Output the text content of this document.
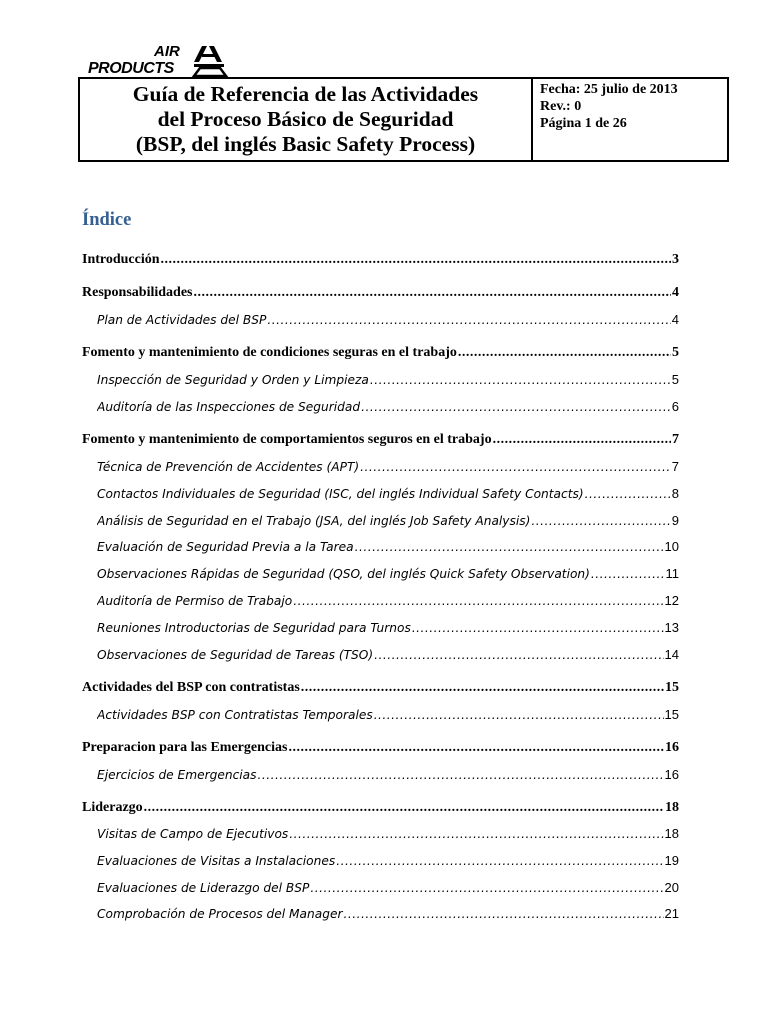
AIR
PRODUCTS
Guía de Referencia de las Actividades
del Proceso Básico de Seguridad
(BSP, del inglés Basic Safety Process)
Fecha: 25 julio de 2013
Rev.: 0
Página 1 de 26
Índice
Introducción .....	3
Responsabilidades .....	4
Plan de Actividades del BSP .....	4
Fomento y mantenimiento de condiciones seguras en el trabajo .....	5
Inspección de Seguridad y Orden y Limpieza .....	5
Auditoría de las Inspecciones de Seguridad .....	6
Fomento y mantenimiento de comportamientos seguros en el trabajo .....	7
Técnica de Prevención de Accidentes (APT) .....	7
Contactos Individuales de Seguridad (ISC, del inglés Individual Safety Contacts) .....	8
Análisis de Seguridad en el Trabajo (JSA, del inglés Job Safety Analysis) .....	9
Evaluación de Seguridad Previa a la Tarea .....	10
Observaciones Rápidas de Seguridad (QSO, del inglés Quick Safety Observation) .....	11
Auditoría de Permiso de Trabajo .....	12
Reuniones Introductorias de Seguridad para Turnos .....	13
Observaciones de Seguridad de Tareas (TSO) .....	14
Actividades del BSP con contratistas .....	15
Actividades BSP con Contratistas Temporales .....	15
Preparacion para las Emergencias .....	16
Ejercicios de Emergencias .....	16
Liderazgo .....	18
Visitas de Campo de Ejecutivos .....	18
Evaluaciones de Visitas a Instalaciones .....	19
Evaluaciones de Liderazgo del BSP .....	20
Comprobación de Procesos del Manager .....	21
